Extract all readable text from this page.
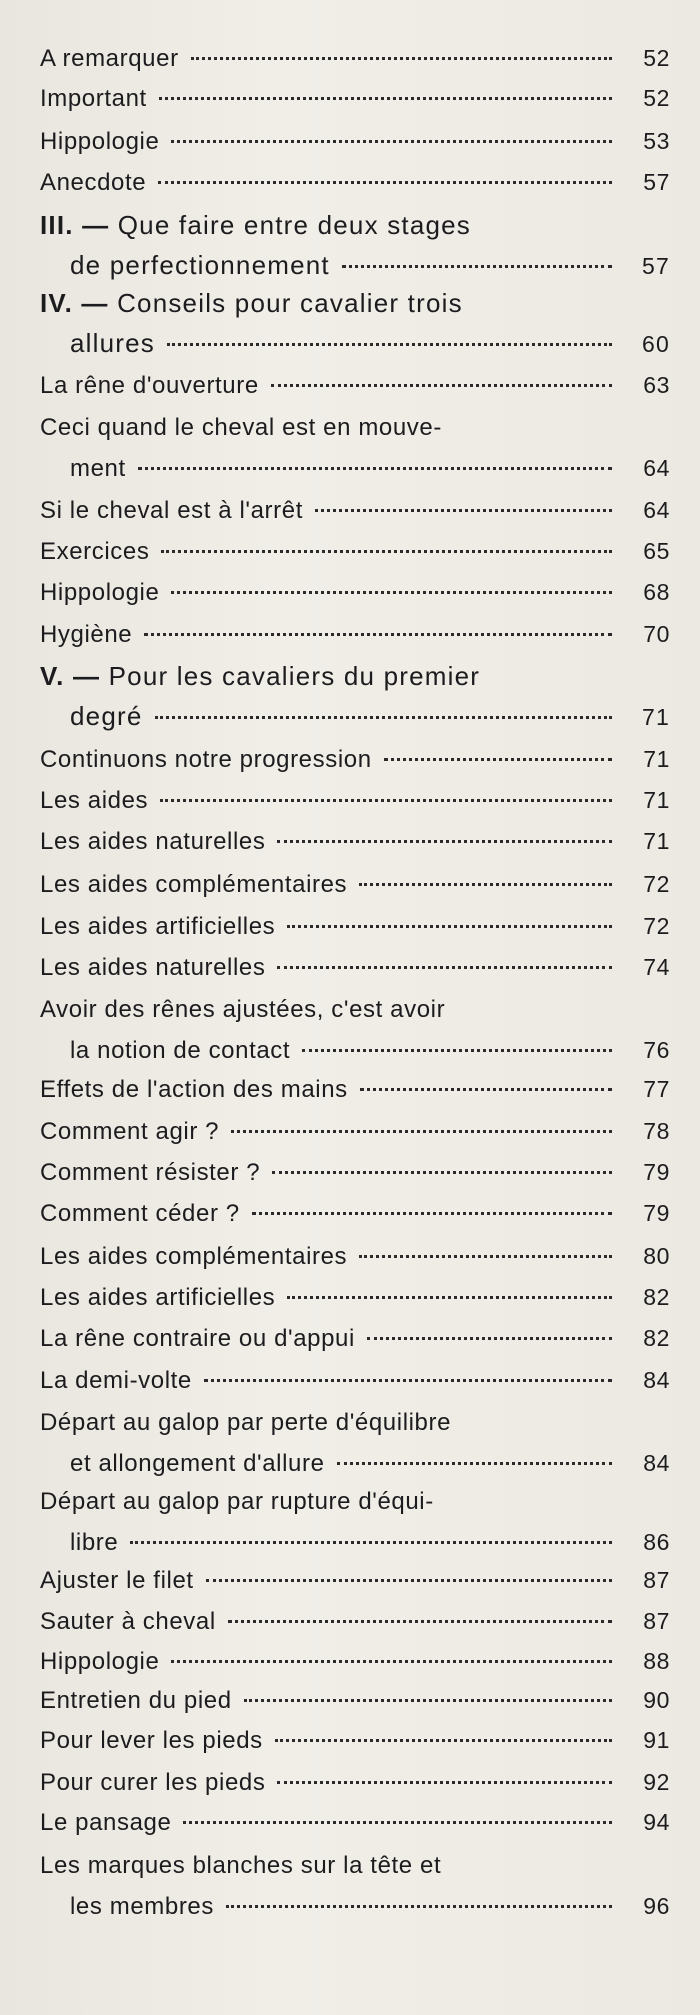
A remarquer	52
Important	52
Hippologie	53
Anecdote	57
III. — Que faire entre deux stages
de perfectionnement	57
IV. — Conseils pour cavalier trois
allures	60
La rêne d'ouverture	63
Ceci quand le cheval est en mouve-
ment	64
Si le cheval est à l'arrêt	64
Exercices	65
Hippologie	68
Hygiène	70
V. — Pour les cavaliers du premier
degré	71
Continuons notre progression	71
Les aides	71
Les aides naturelles	71
Les aides complémentaires	72
Les aides artificielles	72
Les aides naturelles	74
Avoir des rênes ajustées, c'est avoir
la notion de contact	76
Effets de l'action des mains	77
Comment agir ?	78
Comment résister ?	79
Comment céder ?	79
Les aides complémentaires	80
Les aides artificielles	82
La rêne contraire ou d'appui	82
La demi-volte	84
Départ au galop par perte d'équilibre
et allongement d'allure	84
Départ au galop par rupture d'équi-
libre	86
Ajuster le filet	87
Sauter à cheval	87
Hippologie	88
Entretien du pied	90
Pour lever les pieds	91
Pour curer les pieds	92
Le pansage	94
Les marques blanches sur la tête et
les membres	96
